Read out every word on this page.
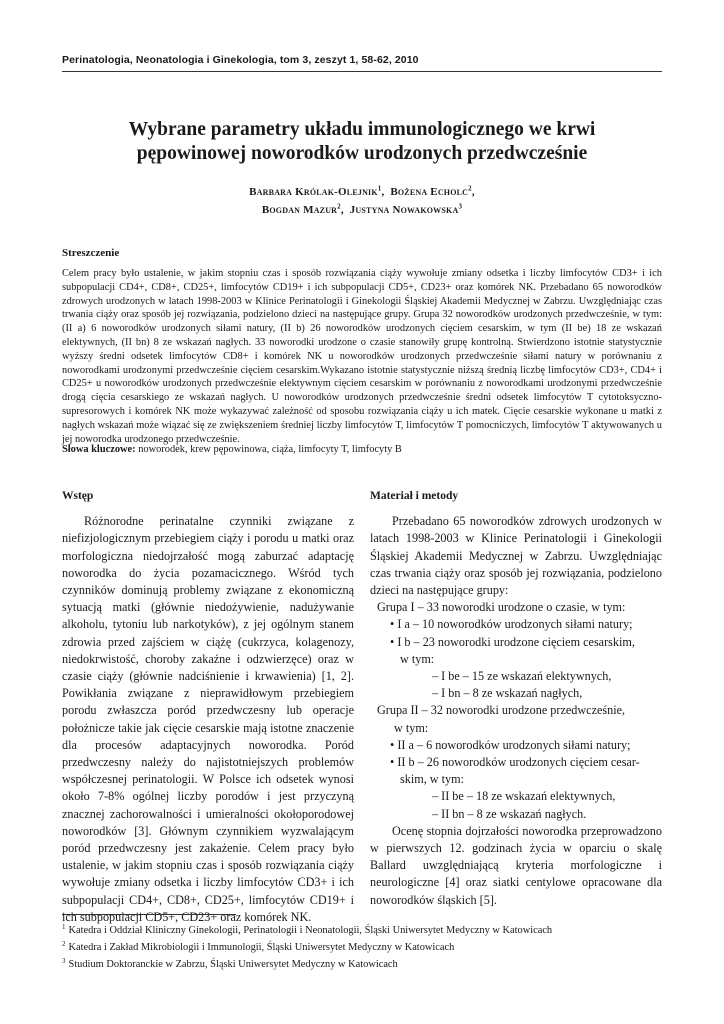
Perinatologia, Neonatologia i Ginekologia, tom 3, zeszyt 1, 58-62, 2010
Wybrane parametry układu immunologicznego we krwi
pępowinowej noworodków urodzonych przedwcześnie
Barbara Królak-Olejnik$^1$,  Bożena Echolc$^2$,
Bogdan Mazur$^2$,  Justyna Nowakowska$^3$
Streszczenie
Celem pracy było ustalenie, w jakim stopniu czas i sposób rozwiązania ciąży wywołuje zmiany odsetka i liczby limfocytów CD3+ i ich subpopulacji CD4+, CD8+, CD25+, limfocytów CD19+ i ich subpopulacji CD5+, CD23+ oraz komórek NK. Przebadano 65 noworodków zdrowych urodzonych w latach 1998-2003 w Klinice Perinatologii i Ginekologii Śląskiej Akademii Medycznej w Zabrzu. Uwzględniając czas trwania ciąży oraz sposób jej rozwiązania, podzielono dzieci na następujące grupy. Grupa 32 noworodków urodzonych przedwcześnie, w tym: (II a) 6 noworodków urodzonych siłami natury, (II b) 26 noworodków urodzonych cięciem cesarskim, w tym (II be) 18 ze wskazań elektywnych, (II bn) 8 ze wskazań nagłych. 33 noworodki urodzone o czasie stanowiły grupę kontrolną. Stwierdzono istotnie statystycznie wyższy średni odsetek limfocytów CD8+ i komórek NK u noworodków urodzonych przedwcześnie siłami natury w porównaniu z noworodkami urodzonymi przedwcześnie cięciem cesarskim.Wykazano istotnie statystycznie niższą średnią liczbę limfocytów CD3+, CD4+ i CD25+ u noworodków urodzonych przedwcześnie elektywnym cięciem cesarskim w porównaniu z noworodkami urodzonymi przedwcześnie drogą cięcia cesarskiego ze wskazań nagłych. U noworodków urodzonych przedwcześnie średni odsetek limfocytów T cytotoksyczno-supresorowych i komórek NK może wykazywać zależność od sposobu rozwiązania ciąży u ich matek. Cięcie cesarskie wykonane u matki z nagłych wskazań może wiązać się ze zwiększeniem średniej liczby limfocytów T, limfocytów T pomocniczych, limfocytów T aktywowanych u jej noworodka urodzonego przedwcześnie.
Słowa kluczowe: noworodek, krew pępowinowa, ciąża, limfocyty T, limfocyty B
Wstęp

Różnorodne perinatalne czynniki związane z niefizjologicznym przebiegiem ciąży i porodu u matki oraz morfologiczna niedojrzałość mogą zaburzać adaptację noworodka do życia pozamacicznego. Wśród tych czynników dominują problemy związane z ekonomiczną sytuacją matki (głównie niedożywienie, nadużywanie alkoholu, tytoniu lub narkotyków), z jej ogólnym stanem zdrowia przed zajściem w ciążę (cukrzyca, kolagenozy, niedokrwistość, choroby zakaźne i odzwierzęce) oraz w czasie ciąży (głównie nadciśnienie i krwawienia) [1, 2]. Powikłania związane z nieprawidłowym przebiegiem porodu zwłaszcza poród przedwczesny lub operacje położnicze takie jak cięcie cesarskie mają istotne znaczenie dla procesów adaptacyjnych noworodka. Poród przedwczesny należy do najistotniejszych problemów współczesnej perinatologii. W Polsce ich odsetek wynosi około 7-8% ogólnej liczby porodów i jest przyczyną znacznej zachorowalności i umieralności okołoporodowej noworodków [3]. Głównym czynnikiem wyzwalającym poród przedwczesny jest zakażenie. Celem pracy było ustalenie, w jakim stopniu czas i sposób rozwiązania ciąży wywołuje zmiany odsetka i liczby limfocytów CD3+ i ich subpopulacji CD4+, CD8+, CD25+, limfocytów CD19+ i ich subpopulacji CD5+, CD23+ oraz komórek NK.

Materiał i metody

Przebadano 65 noworodków zdrowych urodzonych w latach 1998-2003 w Klinice Perinatologii i Ginekologii Śląskiej Akademii Medycznej w Zabrzu. Uwzględniając czas trwania ciąży oraz sposób jej rozwiązania, podzielono dzieci na następujące grupy:

Grupa I – 33 noworodki urodzone o czasie, w tym:

• I a – 10 noworodków urodzonych siłami natury;

• I b – 23 noworodki urodzone cięciem cesarskim,

w tym:

– I be – 15 ze wskazań elektywnych,

– I bn – 8 ze wskazań nagłych,

Grupa II – 32 noworodki urodzone przedwcześnie,

w tym:

• II a – 6 noworodków urodzonych siłami natury;

• II b – 26 noworodków urodzonych cięciem cesar-

skim, w tym:

– II be – 18 ze wskazań elektywnych,

– II bn – 8 ze wskazań nagłych.

Ocenę stopnia dojrzałości noworodka przeprowadzono w pierwszych 12. godzinach życia w oparciu o skalę Ballard uwzględniającą kryteria morfologiczne i neurologiczne [4] oraz siatki centylowe opracowane dla noworodków śląskich [5].

$^1$ Katedra i Oddział Kliniczny Ginekologii, Perinatologii i Neonatologii, Śląski Uniwersytet Medyczny w Katowicach
$^2$ Katedra i Zakład Mikrobiologii i Immunologii, Śląski Uniwersytet Medyczny w Katowicach
$^3$ Studium Doktoranckie w Zabrzu, Śląski Uniwersytet Medyczny w Katowicach
